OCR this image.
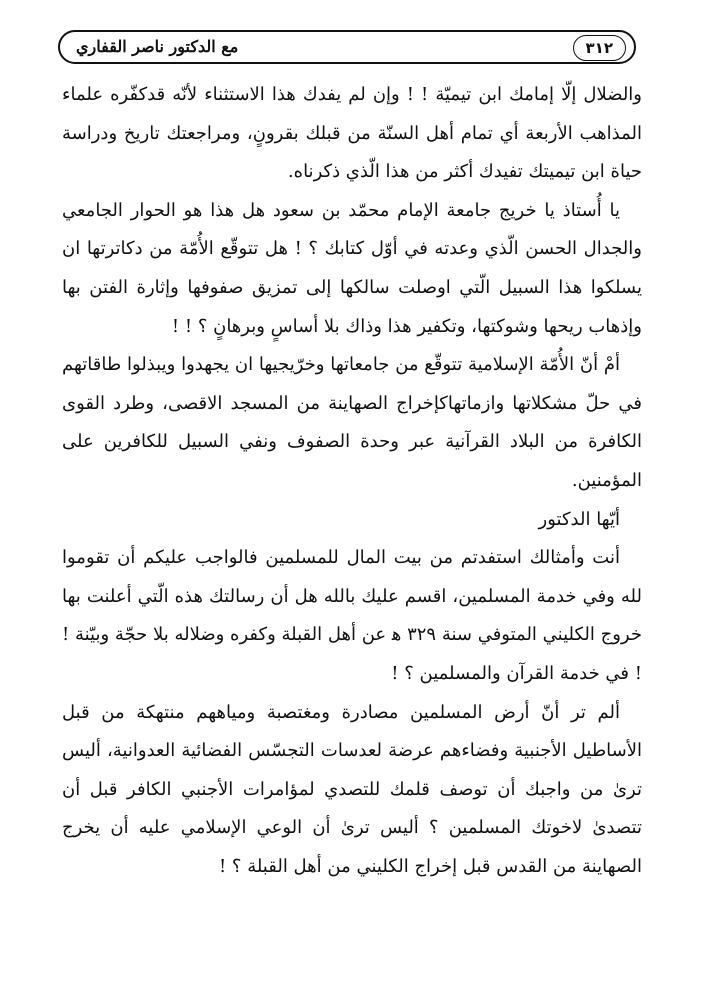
٣١٢
مع الدكتور ناصر القفاري

والضلال إلّا إمامك ابن تيميّة ! ! وإن لم يفدك هذا الاستثناء لأنّه قدكفّره علماء المذاهب الأربعة أي تمام أهل السنّة من قبلك بقرونٍ، ومراجعتك تاريخ ودراسة حياة ابن تيميتك تفيدك أكثر من هذا الّذي ذكرناه.

يا أُستاذ يا خريج جامعة الإمام محمّد بن سعود هل هذا هو الحوار الجامعي والجدال الحسن الّذي وعدته في أوّل كتابك ؟ ! هل تتوقّع الأُمّة من دكاترتها ان يسلكوا هذا السبيل الّتي اوصلت سالكها إلى تمزيق صفوفها وإثارة الفتن بها وإذهاب ريحها وشوكتها، وتكفير هذا وذاك بلا أساسٍ وبرهانٍ ؟ ! !

أمْ أنّ الأُمّة الإسلامية تتوقّع من جامعاتها وخرّيجيها ان يجهدوا ويبذلوا طاقاتهم في حلّ مشكلاتها وازماتهاكإخراج الصهاينة من المسجد الاقصى، وطرد القوى الكافرة من البلاد القرآنية عبر وحدة الصفوف ونفي السبيل للكافرين على المؤمنين.

أيّها الدكتور

أنت وأمثالك استفدتم من بيت المال للمسلمين فالواجب عليكم أن تقوموا لله وفي خدمة المسلمين، اقسم عليك بالله هل أن رسالتك هذه الّتي أعلنت بها خروج الكليني المتوفي سنة ٣٢٩ ﻫ عن أهل القبلة وكفره وضلاله بلا حجّة وبيّنة ! ! في خدمة القرآن والمسلمين ؟ !

ألم تر أنّ أرض المسلمين مصادرة ومغتصبة ومياههم منتهكة من قبل الأساطيل الأجنبية وفضاءهم عرضة لعدسات التجسّس الفضائية العدوانية، أليس ترىٰ من واجبك أن توصف قلمك للتصدي لمؤامرات الأجنبي الكافر قبل أن تتصدىٰ لاخوتك المسلمين ؟ أليس ترىٰ أن الوعي الإسلامي عليه أن يخرج الصهاينة من القدس قبل إخراج الكليني من أهل القبلة ؟ !
